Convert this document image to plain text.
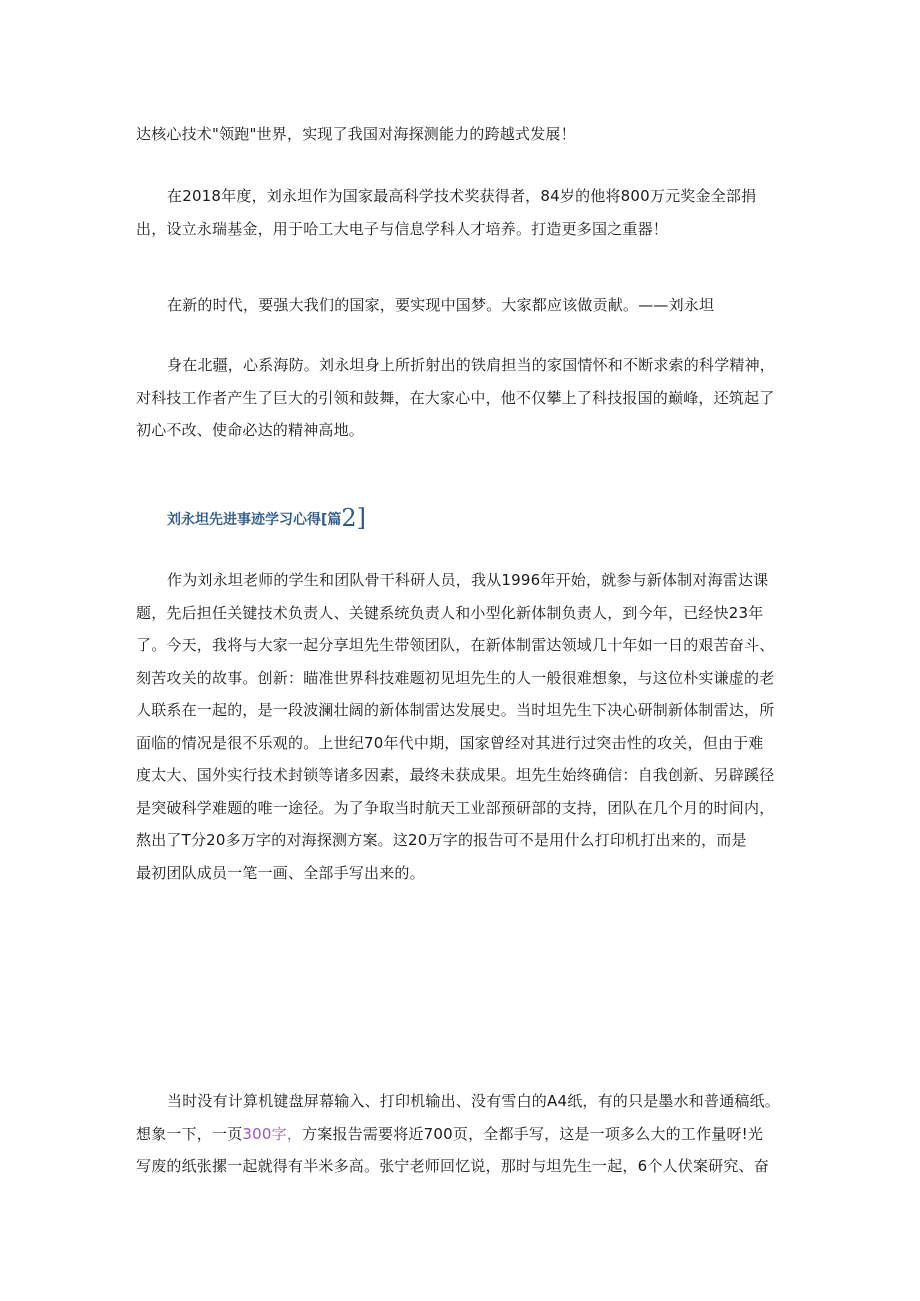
达核心技术"领跑"世界，实现了我国对海探测能力的跨越式发展！

在2018年度，刘永坦作为国家最高科学技术奖获得者，84岁的他将800万元奖金全部捐
出，设立永瑞基金，用于哈工大电子与信息学科人才培养。打造更多国之重器！

在新的时代，要强大我们的国家，要实现中国梦。大家都应该做贡献。——刘永坦

身在北疆，心系海防。刘永坦身上所折射出的铁肩担当的家国情怀和不断求索的科学精神，
对科技工作者产生了巨大的引领和鼓舞，在大家心中，他不仅攀上了科技报国的巅峰，还筑起了
初心不改、使命必达的精神高地。

刘永坦先进事迹学习心得[篇2]

作为刘永坦老师的学生和团队骨干科研人员，我从1996年开始，就参与新体制对海雷达课
题，先后担任关键技术负责人、关键系统负责人和小型化新体制负责人，到今年，已经快23年
了。今天，我将与大家一起分享坦先生带领团队，在新体制雷达领域几十年如一日的艰苦奋斗、
刻苦攻关的故事。创新：瞄准世界科技难题初见坦先生的人一般很难想象，与这位朴实谦虚的老
人联系在一起的，是一段波澜壮阔的新体制雷达发展史。当时坦先生下决心研制新体制雷达，所
面临的情况是很不乐观的。上世纪70年代中期，国家曾经对其进行过突击性的攻关，但由于难
度太大、国外实行技术封锁等诸多因素，最终未获成果。坦先生始终确信：自我创新、另辟蹊径
是突破科学难题的唯一途径。为了争取当时航天工业部预研部的支持，团队在几个月的时间内，
熬出了T分20多万字的对海探测方案。这20万字的报告可不是用什么打印机打出来的，而是
最初团队成员一笔一画、全部手写出来的。

当时没有计算机键盘屏幕输入、打印机输出、没有雪白的A4纸，有的只是墨水和普通稿纸。
想象一下，一页300字，方案报告需要将近700页，全都手写，这是一项多么大的工作量呀!光
写废的纸张摞一起就得有半米多高。张宁老师回忆说，那时与坦先生一起，6个人伏案研究、奋
